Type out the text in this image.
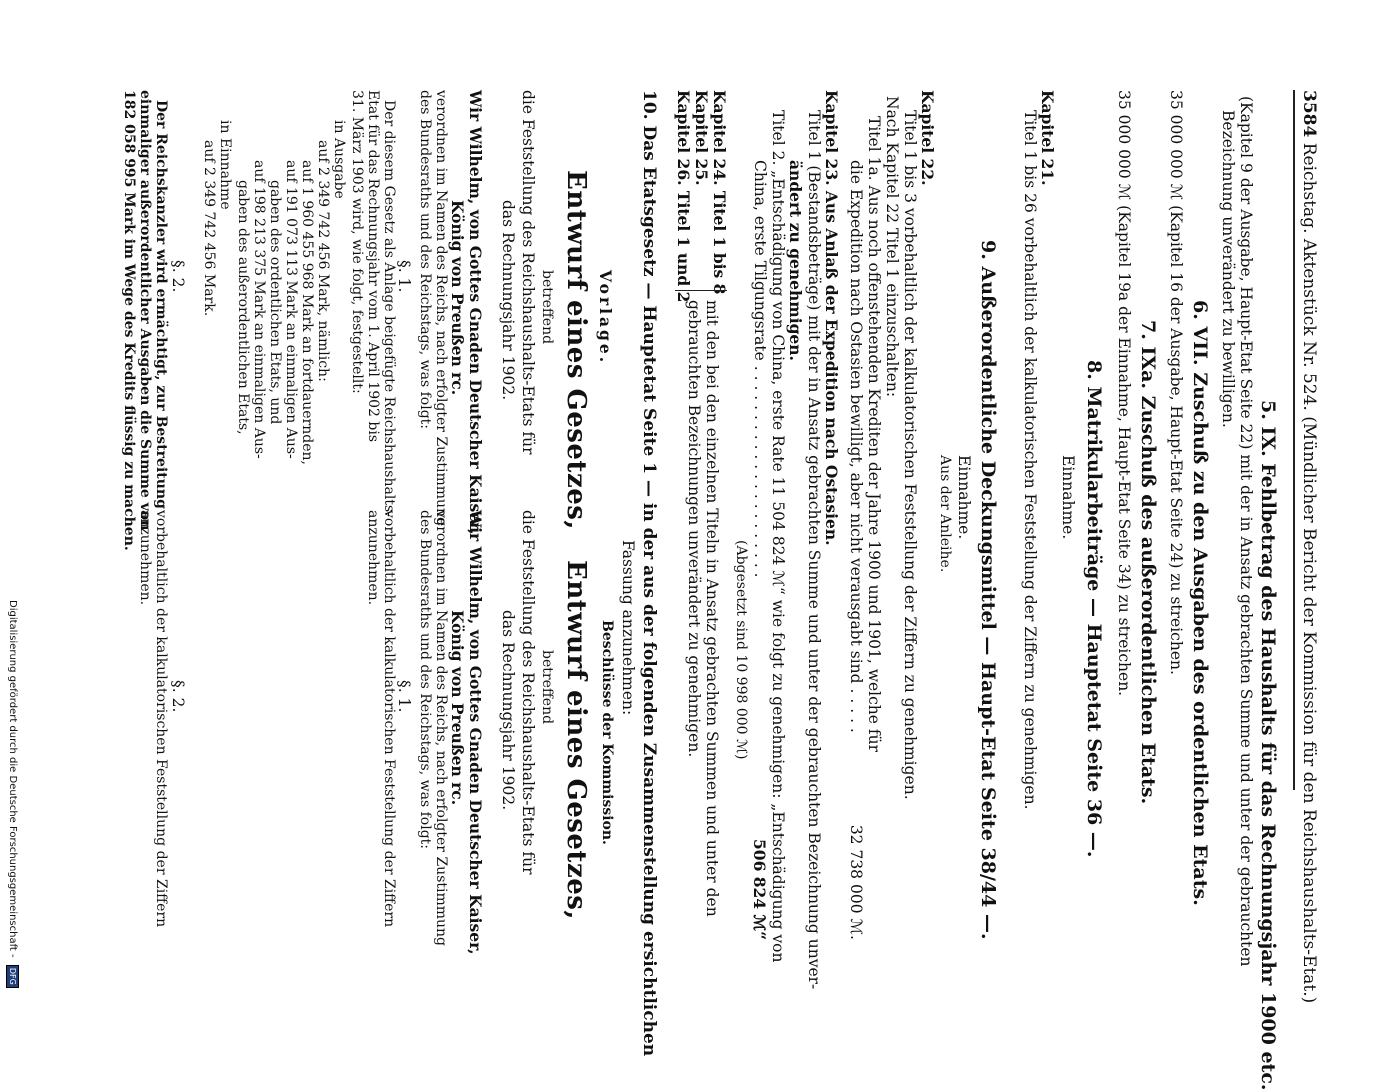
3584 Reichstag. Aktenstück Nr. 524. (Mündlicher Bericht der Kommission für den Reichshaushalts-Etat.)
5. IX. Fehlbetrag des Haushalts für das Rechnungsjahr 1900 etc.
(Kapitel 9 der Ausgabe, Haupt-Etat Seite 22) mit der in Ansatz gebrachten Summe und unter der gebrauchten
Bezeichnung unverändert zu bewilligen.
6. VII. Zuschuß zu den Ausgaben des ordentlichen Etats.
35 000 000 ℳ (Kapitel 16 der Ausgabe, Haupt-Etat Seite 24) zu streichen.
7. IXa. Zuschuß des außerordentlichen Etats.
35 000 000 ℳ (Kapitel 19a der Einnahme, Haupt-Etat Seite 34) zu streichen.
8. Matrikularbeiträge — Hauptetat Seite 36 —.
Einnahme.
Kapitel 21.
Titel 1 bis 26 vorbehaltlich der kalkulatorischen Feststellung der Ziffern zu genehmigen.
9. Außerordentliche Deckungsmittel — Haupt-Etat Seite 38/44 —.
Einnahme.
Aus der Anleihe.
Kapitel 22.
Titel 1 bis 3 vorbehaltlich der kalkulatorischen Feststellung der Ziffern zu genehmigen.
Nach Kapitel 22 Titel 1 einzuschalten:
Titel 1a. Aus noch offenstehenden Krediten der Jahre 1900 und 1901, welche für
die Expedition nach Ostasien bewilligt, aber nicht verausgabt sind . . . . .
32 738 000 ℳ.
Kapitel 23. Aus Anlaß der Expedition nach Ostasien.
Titel 1 (Bestandsbeträge) mit der in Ansatz gebrachten Summe und unter der gebrauchten Bezeichnung unver-
ändert zu genehmigen.
Titel 2. „Entschädigung von China, erste Rate 11 504 824 ℳ“ wie folgt zu genehmigen: „Entschädigung von
China, erste Tilgungsrate . . . . . . . . . . . . . . . . . . . . . .
506 824 ℳ“
(Abgesetzt sind 10 998 000 ℳ)
Kapitel 24. Titel 1 bis 8
Kapitel 25.
Kapitel 26. Titel 1 und 2
mit den bei den einzelnen Titeln in Ansatz gebrachten Summen und unter den
gebrauchten Bezeichnungen unverändert zu genehmigen.
10. Das Etatsgesetz — Hauptetat Seite 1 — in der aus der folgenden Zusammenstellung ersichtlichen
Fassung anzunehmen:
Vorlage.
Entwurf eines Gesetzes,
betreffend
die Feststellung des Reichshaushalts-Etats für
das Rechnungsjahr 1902.
Wir Wilhelm, von Gottes Gnaden Deutscher Kaiser,
König von Preußen rc.
verordnen im Namen des Reichs, nach erfolgter Zustimmung
des Bundesraths und des Reichstags, was folgt:
§. 1.
Der diesem Gesetz als Anlage beigefügte Reichshaushalts-
Etat für das Rechnungsjahr vom 1. April 1902 bis
31. März 1903 wird, wie folgt, festgestellt:
in Ausgabe
auf 2 349 742 456 Mark, nämlich:
auf 1 960 455 968 Mark an fortdauernden,
auf 191 073 113 Mark an einmaligen Aus-
gaben des ordentlichen Etats, und
auf 198 213 375 Mark an einmaligen Aus-
gaben des außerordentlichen Etats,
in Einnahme
auf 2 349 742 456 Mark.
§. 2.
Der Reichskanzler wird ermächtigt, zur Bestreitung
einmaliger außerordentlicher Ausgaben die Summe von
182 058 995 Mark im Wege des Kredits flüssig zu machen.
Beschlüsse der Kommission.
Entwurf eines Gesetzes,
betreffend
die Feststellung des Reichshaushalts-Etats für
das Rechnungsjahr 1902.
Wir Wilhelm, von Gottes Gnaden Deutscher Kaiser,
König von Preußen rc.
verordnen im Namen des Reichs, nach erfolgter Zustimmung
des Bundesraths und des Reichstags, was folgt:
§. 1.
vorbehaltlich der kalkulatorischen Feststellung der Ziffern
anzunehmen.
§. 2.
vorbehaltlich der kalkulatorischen Feststellung der Ziffern
anzunehmen.
Digitalisierung gefördert durch die Deutsche Forschungsgemeinschaft - DFG
